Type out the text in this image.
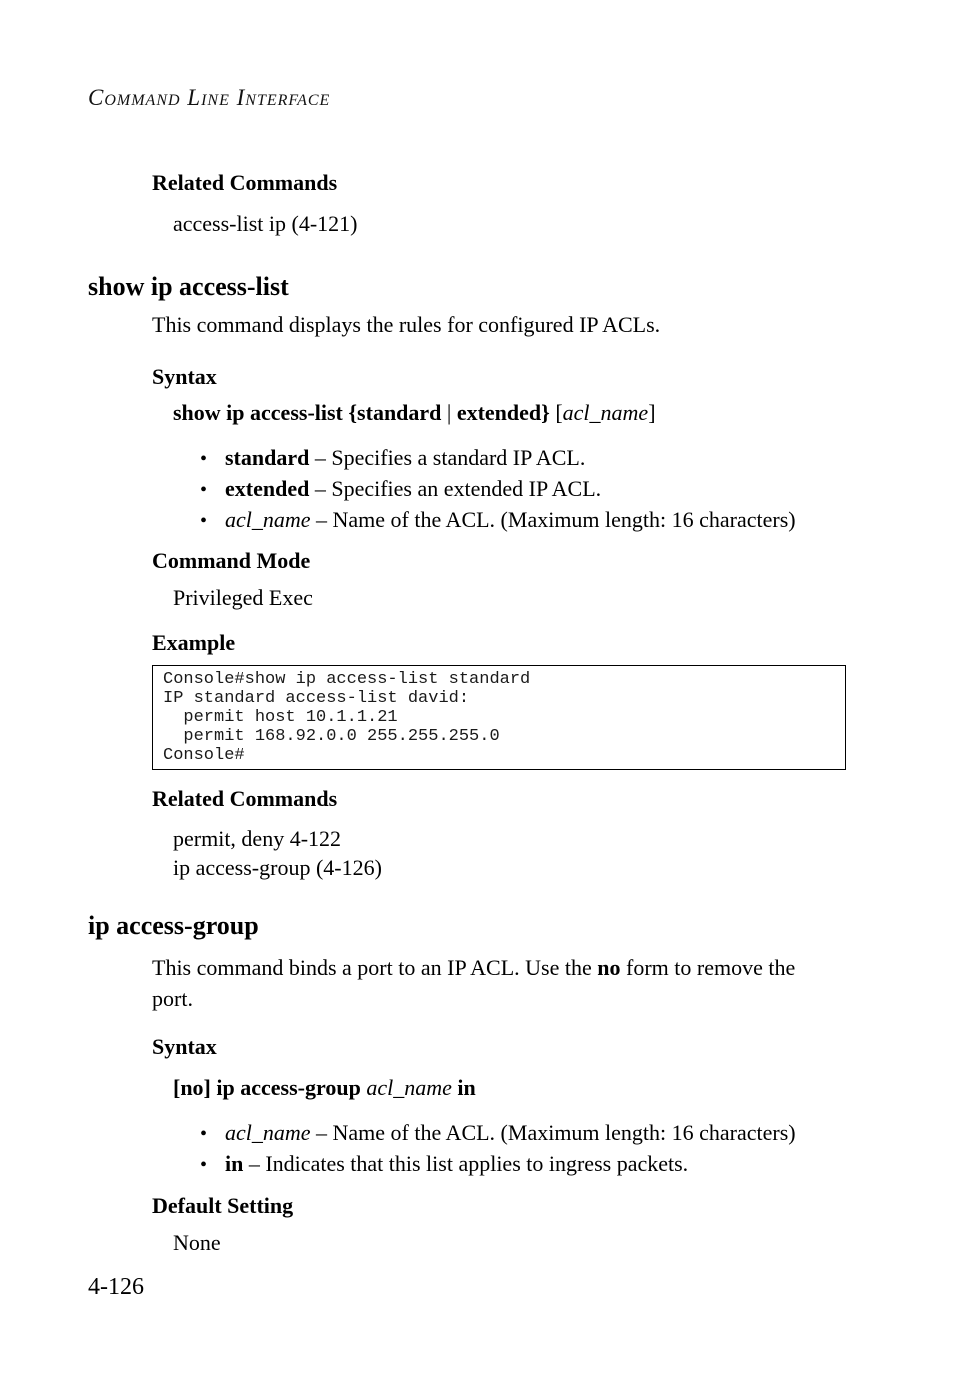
Command Line Interface
Related Commands
access-list ip (4-121)
show ip access-list
This command displays the rules for configured IP ACLs.
Syntax
show ip access-list {standard | extended} [acl_name]
• standard – Specifies a standard IP ACL.
• extended – Specifies an extended IP ACL.
• acl_name – Name of the ACL. (Maximum length: 16 characters)
Command Mode
Privileged Exec
Example
Console#show ip access-list standard
IP standard access-list david:
permit host 10.1.1.21
permit 168.92.0.0 255.255.255.0
Console#
Related Commands
permit, deny 4-122
ip access-group (4-126)
ip access-group
This command binds a port to an IP ACL. Use the no form to remove the
port.
Syntax
[no] ip access-group acl_name in
• acl_name – Name of the ACL. (Maximum length: 16 characters)
• in – Indicates that this list applies to ingress packets.
Default Setting
None
4-126
